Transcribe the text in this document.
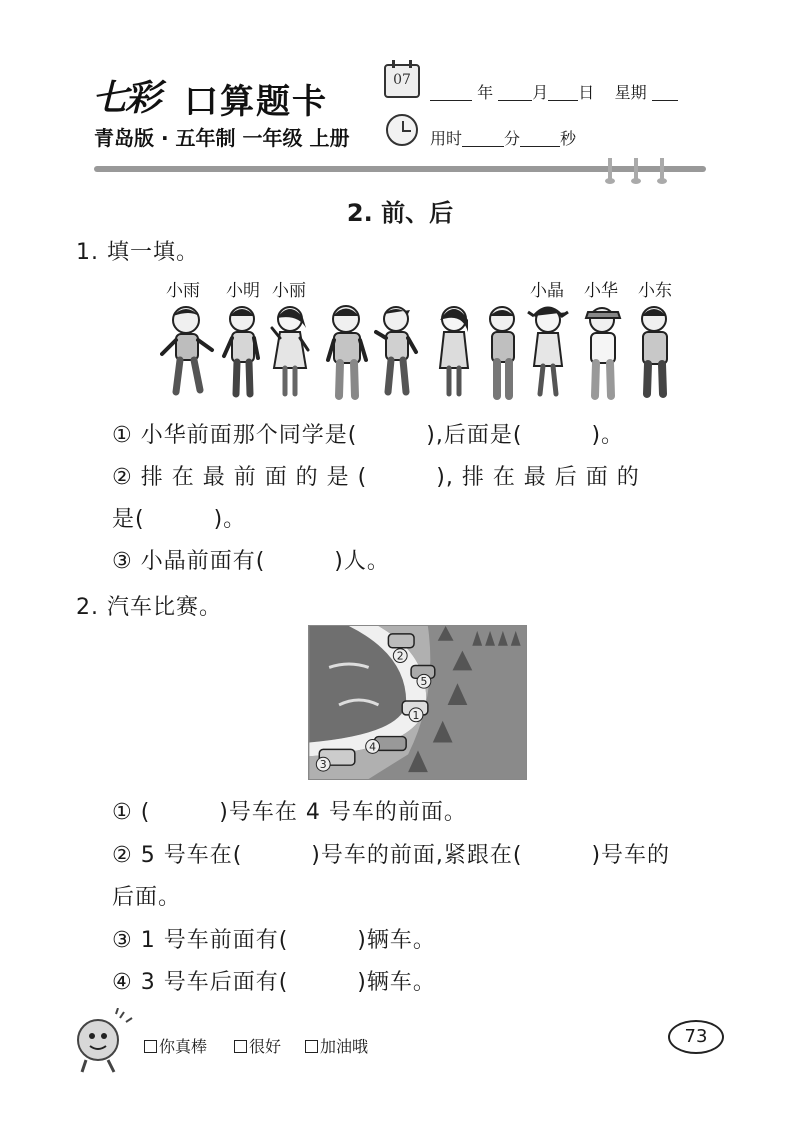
七彩 口算题卡
07
年 月 日 星期
青岛版 · 五年制 一年级 上册	用时	分	秒
2. 前、后
1. 填一填。
小雨 小明 小丽	小晶 小华 小东
① 小华前面那个同学是(　　　),后面是(　　　)。
② 排 在 最 前 面 的 是 (　　　), 排 在 最 后 面 的
是(　　　)。
③ 小晶前面有(　　　)人。
2. 汽车比赛。
2
5
1
4
3
① (　　　)号车在 4 号车的前面。
② 5 号车在(　　　)号车的前面,紧跟在(　　　)号车的
后面。
③ 1 号车前面有(　　　)辆车。
④ 3 号车后面有(　　　)辆车。
你真棒	很好	加油哦	73
